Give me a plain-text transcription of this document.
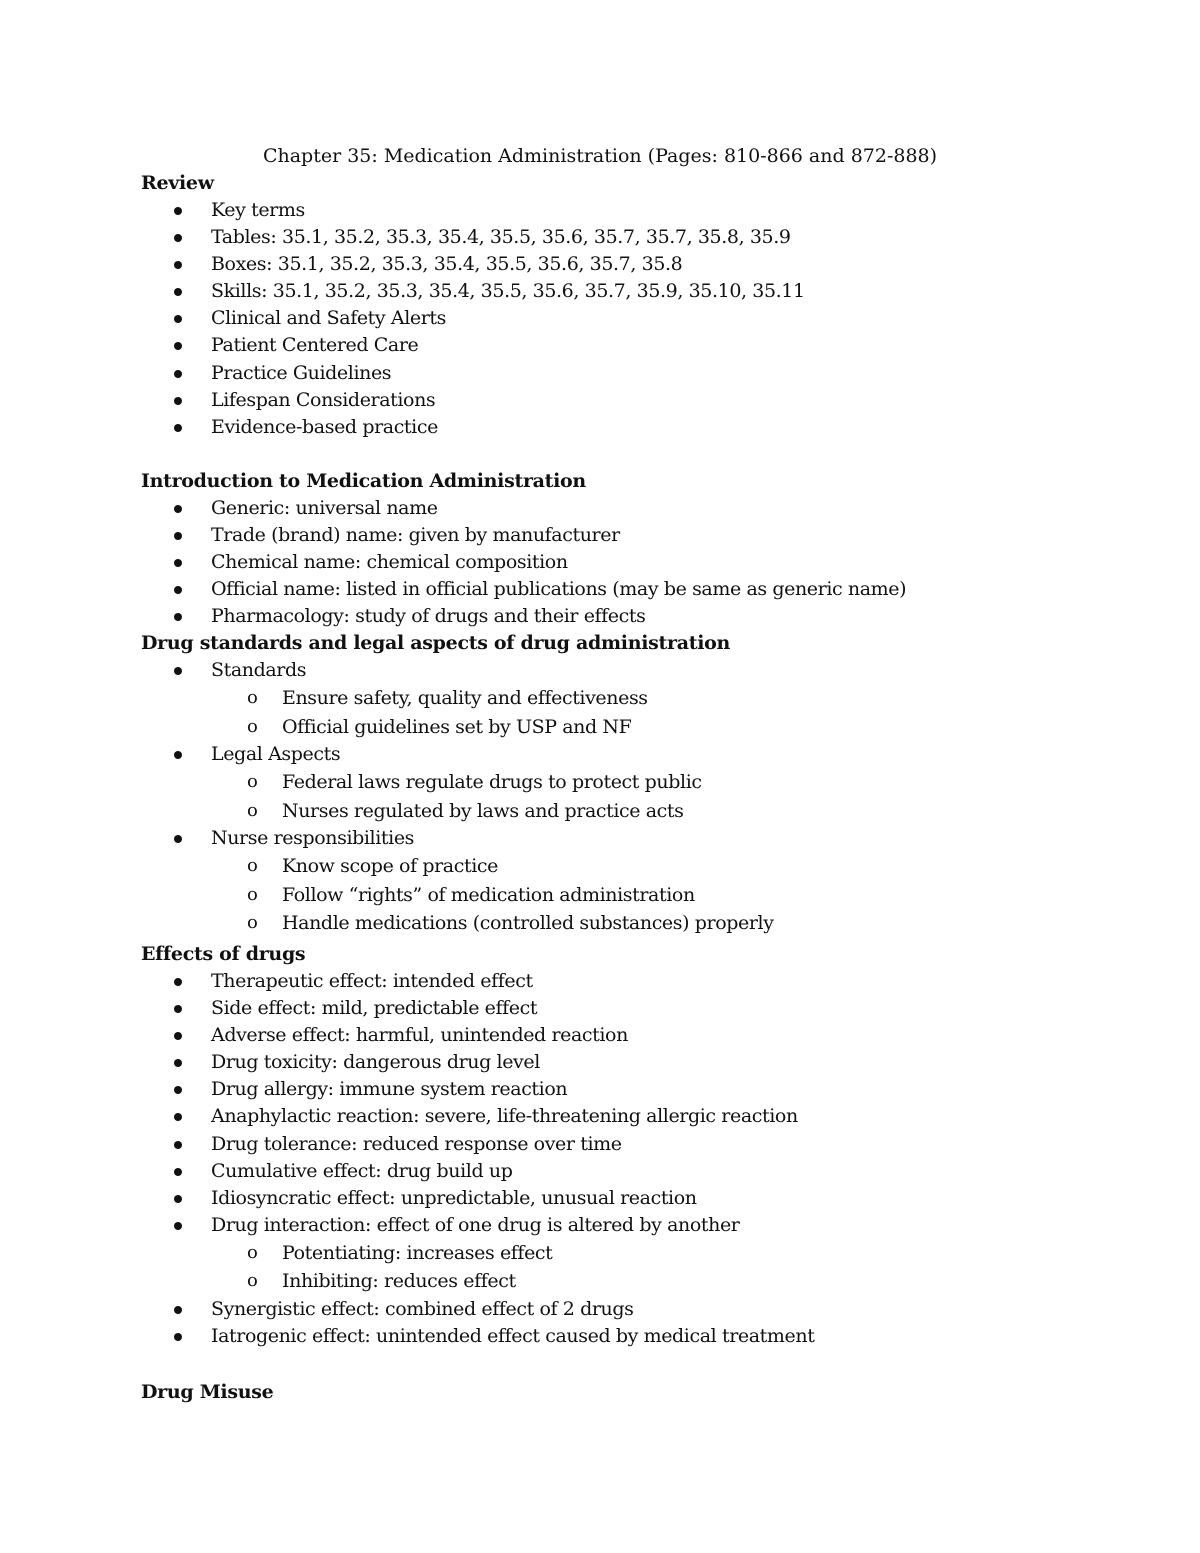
Chapter 35: Medication Administration (Pages: 810-866 and 872-888)
Review
Key terms
Tables: 35.1, 35.2, 35.3, 35.4, 35.5, 35.6, 35.7, 35.7, 35.8, 35.9
Boxes: 35.1, 35.2, 35.3, 35.4, 35.5, 35.6, 35.7, 35.8
Skills: 35.1, 35.2, 35.3, 35.4, 35.5, 35.6, 35.7, 35.9, 35.10, 35.11
Clinical and Safety Alerts
Patient Centered Care
Practice Guidelines
Lifespan Considerations
Evidence-based practice
Introduction to Medication Administration
Generic: universal name
Trade (brand) name: given by manufacturer
Chemical name: chemical composition
Official name: listed in official publications (may be same as generic name)
Pharmacology: study of drugs and their effects
Drug standards and legal aspects of drug administration
Standards
o Ensure safety, quality and effectiveness
o Official guidelines set by USP and NF
Legal Aspects
o Federal laws regulate drugs to protect public
o Nurses regulated by laws and practice acts
Nurse responsibilities
o Know scope of practice
o Follow “rights” of medication administration
o Handle medications (controlled substances) properly
Effects of drugs
Therapeutic effect: intended effect
Side effect: mild, predictable effect
Adverse effect: harmful, unintended reaction
Drug toxicity: dangerous drug level
Drug allergy: immune system reaction
Anaphylactic reaction: severe, life-threatening allergic reaction
Drug tolerance: reduced response over time
Cumulative effect: drug build up
Idiosyncratic effect: unpredictable, unusual reaction
Drug interaction: effect of one drug is altered by another
o Potentiating: increases effect
o Inhibiting: reduces effect
Synergistic effect: combined effect of 2 drugs
Iatrogenic effect: unintended effect caused by medical treatment
Drug Misuse
